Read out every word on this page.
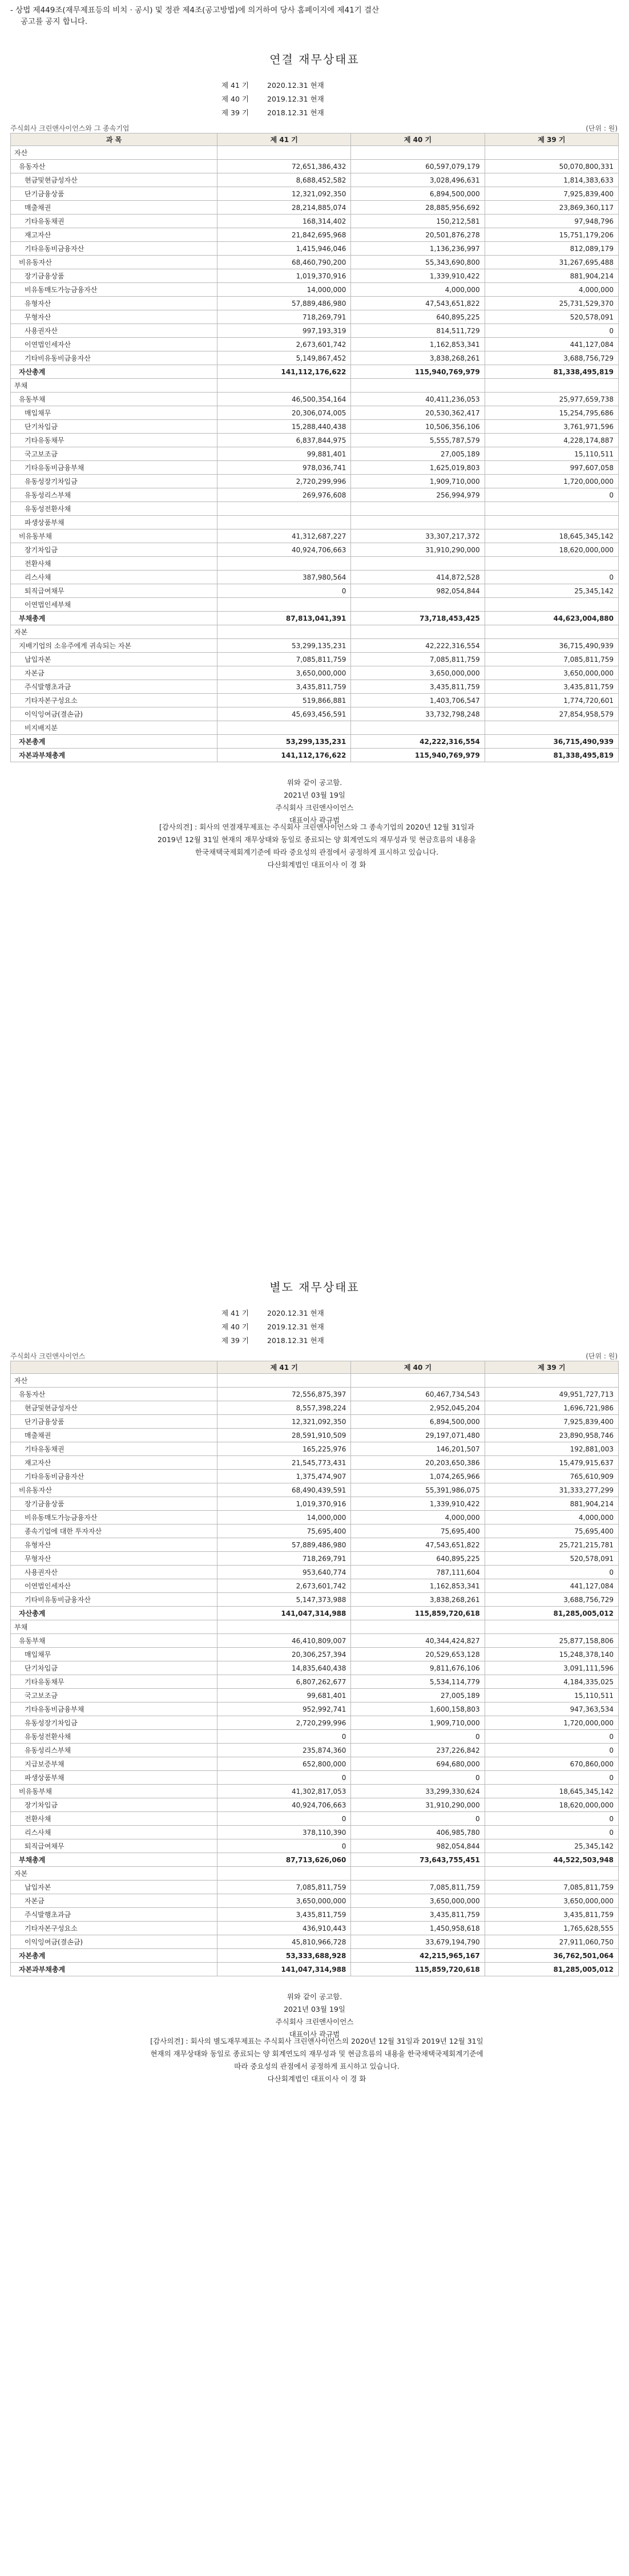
- 상법 제449조(재무제표등의 비치 · 공시) 및 정관 제4조(공고방법)에 의거하여 당사 홈페이지에 제41기 결산
공고를 공지 합니다.
연결 재무상태표
제 41 기	2020.12.31 현재
제 40 기	2019.12.31 현재
제 39 기	2018.12.31 현재
주식회사 크린앤사이언스와 그 종속기업	(단위 : 원)
과 목	제 41 기	제 40 기	제 39 기
자산			
유동자산	72,651,386,432	60,597,079,179	50,070,800,331
현금및현금성자산	8,688,452,582	3,028,496,631	1,814,383,633
단기금융상품	12,321,092,350	6,894,500,000	7,925,839,400
매출채권	28,214,885,074	28,885,956,692	23,869,360,117
기타유동채권	168,314,402	150,212,581	97,948,796
재고자산	21,842,695,968	20,501,876,278	15,751,179,206
기타유동비금융자산	1,415,946,046	1,136,236,997	812,089,179
비유동자산	68,460,790,200	55,343,690,800	31,267,695,488
장기금융상품	1,019,370,916	1,339,910,422	881,904,214
비유동매도가능금융자산	14,000,000	4,000,000	4,000,000
유형자산	57,889,486,980	47,543,651,822	25,731,529,370
무형자산	718,269,791	640,895,225	520,578,091
사용권자산	997,193,319	814,511,729	0
이연법인세자산	2,673,601,742	1,162,853,341	441,127,084
기타비유동비금융자산	5,149,867,452	3,838,268,261	3,688,756,729
자산총계	141,112,176,622	115,940,769,979	81,338,495,819
부채			
유동부채	46,500,354,164	40,411,236,053	25,977,659,738
매입채무	20,306,074,005	20,530,362,417	15,254,795,686
단기차입금	15,288,440,438	10,506,356,106	3,761,971,596
기타유동채무	6,837,844,975	5,555,787,579	4,228,174,887
국고보조금	99,881,401	27,005,189	15,110,511
기타유동비금융부채	978,036,741	1,625,019,803	997,607,058
유동성장기차입금	2,720,299,996	1,909,710,000	1,720,000,000
유동성리스부채	269,976,608	256,994,979	0
유동성전환사채			
파생상품부채			
비유동부채	41,312,687,227	33,307,217,372	18,645,345,142
장기차입금	40,924,706,663	31,910,290,000	18,620,000,000
전환사채			
리스사채	387,980,564	414,872,528	0
퇴직급여채무	0	982,054,844	25,345,142
이연법인세부채			
부채총계	87,813,041,391	73,718,453,425	44,623,004,880
자본			
지배기업의 소유주에게 귀속되는 자본	53,299,135,231	42,222,316,554	36,715,490,939
납입자본	7,085,811,759	7,085,811,759	7,085,811,759
자본금	3,650,000,000	3,650,000,000	3,650,000,000
주식발행초과금	3,435,811,759	3,435,811,759	3,435,811,759
기타자본구성요소	519,866,881	1,403,706,547	1,774,720,601
이익잉여금(결손금)	45,693,456,591	33,732,798,248	27,854,958,579
비지배지분			
자본총계	53,299,135,231	42,222,316,554	36,715,490,939
자본과부채총계	141,112,176,622	115,940,769,979	81,338,495,819
위와 같이 공고함.
2021년 03월 19일
주식회사 크린앤사이언스
대표이사 곽규범
[감사의견] : 회사의 연결재무제표는 주식회사 크린앤사이언스와 그 종속기업의 2020년 12월 31일과
2019년 12월 31일 현재의 재무상태와 동일로 종료되는 양 회계연도의 재무성과 및 현금흐름의 내용을
한국채택국제회계기준에 따라 중요성의 관점에서 공정하게 표시하고 있습니다.
다산회계법인 대표이사 이 경 화
별도 재무상태표
제 41 기	2020.12.31 현재
제 40 기	2019.12.31 현재
제 39 기	2018.12.31 현재
주식회사 크린앤사이언스	(단위 : 원)
	제 41 기	제 40 기	제 39 기
자산			
유동자산	72,556,875,397	60,467,734,543	49,951,727,713
현금및현금성자산	8,557,398,224	2,952,045,204	1,696,721,986
단기금융상품	12,321,092,350	6,894,500,000	7,925,839,400
매출채권	28,591,910,509	29,197,071,480	23,890,958,746
기타유동채권	165,225,976	146,201,507	192,881,003
재고자산	21,545,773,431	20,203,650,386	15,479,915,637
기타유동비금융자산	1,375,474,907	1,074,265,966	765,610,909
비유동자산	68,490,439,591	55,391,986,075	31,333,277,299
장기금융상품	1,019,370,916	1,339,910,422	881,904,214
비유동매도가능금융자산	14,000,000	4,000,000	4,000,000
종속기업에 대한 투자자산	75,695,400	75,695,400	75,695,400
유형자산	57,889,486,980	47,543,651,822	25,721,215,781
무형자산	718,269,791	640,895,225	520,578,091
사용권자산	953,640,774	787,111,604	0
이연법인세자산	2,673,601,742	1,162,853,341	441,127,084
기타비유동비금융자산	5,147,373,988	3,838,268,261	3,688,756,729
자산총계	141,047,314,988	115,859,720,618	81,285,005,012
부채			
유동부채	46,410,809,007	40,344,424,827	25,877,158,806
매입채무	20,306,257,394	20,529,653,128	15,248,378,140
단기차입금	14,835,640,438	9,811,676,106	3,091,111,596
기타유동채무	6,807,262,677	5,534,114,779	4,184,335,025
국고보조금	99,681,401	27,005,189	15,110,511
기타유동비금융부채	952,992,741	1,600,158,803	947,363,534
유동성장기차입금	2,720,299,996	1,909,710,000	1,720,000,000
유동성전환사채	0	0	0
유동성리스부채	235,874,360	237,226,842	0
지급보증부채	652,800,000	694,680,000	670,860,000
파생상품부채	0	0	0
비유동부채	41,302,817,053	33,299,330,624	18,645,345,142
장기차입금	40,924,706,663	31,910,290,000	18,620,000,000
전환사채	0	0	0
리스사채	378,110,390	406,985,780	0
퇴직급여채무	0	982,054,844	25,345,142
부채총계	87,713,626,060	73,643,755,451	44,522,503,948
자본			
납입자본	7,085,811,759	7,085,811,759	7,085,811,759
자본금	3,650,000,000	3,650,000,000	3,650,000,000
주식발행초과금	3,435,811,759	3,435,811,759	3,435,811,759
기타자본구성요소	436,910,443	1,450,958,618	1,765,628,555
이익잉여금(결손금)	45,810,966,728	33,679,194,790	27,911,060,750
자본총계	53,333,688,928	42,215,965,167	36,762,501,064
자본과부채총계	141,047,314,988	115,859,720,618	81,285,005,012
위와 같이 공고함.
2021년 03월 19일
주식회사 크린앤사이언스
대표이사 곽규범
[감사의견] : 회사의 별도재무제표는 주식회사 크린앤사이언스의 2020년 12월 31일과 2019년 12월 31일
현재의 재무상태와 동일로 종료되는 양 회계연도의 재무성과 및 현금흐름의 내용을 한국채택국제회계기준에
따라 중요성의 관점에서 공정하게 표시하고 있습니다.
다산회계법인 대표이사 이 경 화
